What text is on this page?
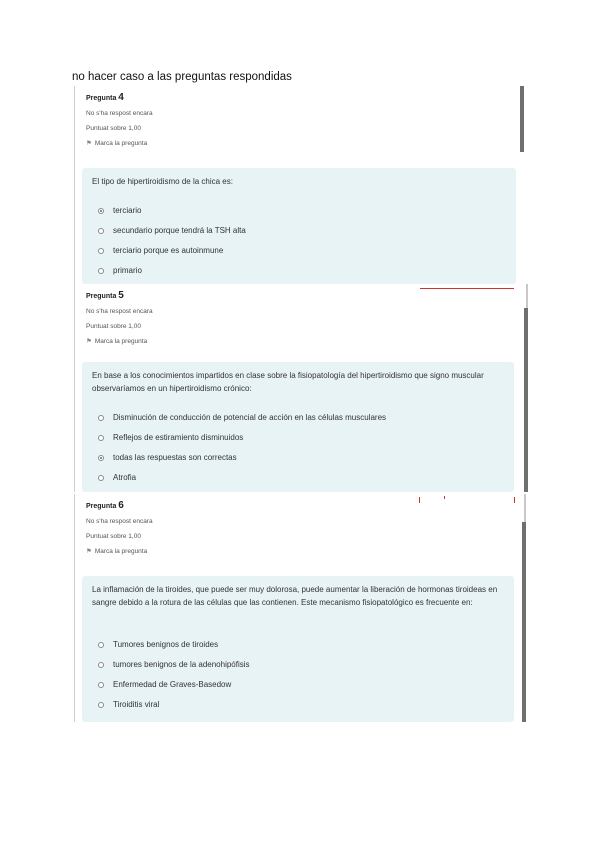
no hacer caso a las preguntas respondidas
Pregunta 4
No s'ha respost encara
Puntuat sobre 1,00
⚑ Marca la pregunta
El tipo de hipertiroidismo de la chica es:
terciario
secundario porque tendrá la TSH alta
terciario porque es autoinmune
primario
Pregunta 5
No s'ha respost encara
Puntuat sobre 1,00
⚑ Marca la pregunta
En base a los conocimientos impartidos en clase sobre la fisiopatología del hipertiroidismo que signo muscular observaríamos en un hipertiroidismo crónico:
Disminución de conducción de potencial de acción en las células musculares
Reflejos de estiramiento disminuidos
todas las respuestas son correctas
Atrofia
Pregunta 6
No s'ha respost encara
Puntuat sobre 1,00
⚑ Marca la pregunta
La inflamación de la tiroides, que puede ser muy dolorosa, puede aumentar la liberación de hormonas tiroideas en sangre debido a la rotura de las células que las contienen. Este mecanismo fisiopatológico es frecuente en:
Tumores benignos de tiroides
tumores benignos de la adenohipófisis
Enfermedad de Graves-Basedow
Tiroiditis viral
